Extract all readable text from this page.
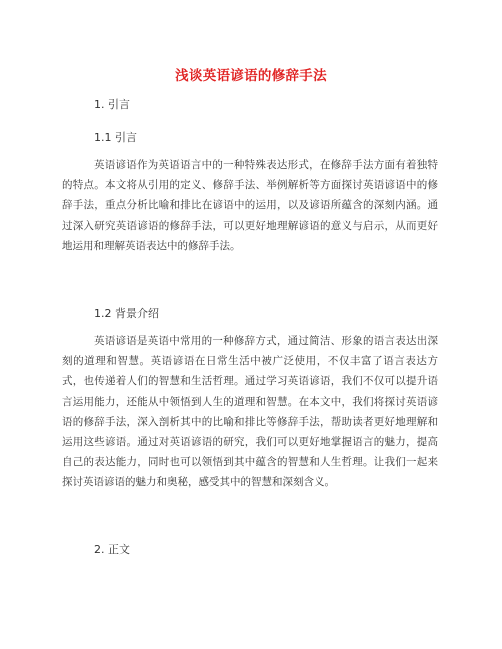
浅谈英语谚语的修辞手法
1. 引言
1.1 引言
英语谚语作为英语语言中的一种特殊表达形式，在修辞手法方面有着独特的特点。本文将从引用的定义、修辞手法、举例解析等方面探讨英语谚语中的修辞手法，重点分析比喻和排比在谚语中的运用，以及谚语所蕴含的深刻内涵。通过深入研究英语谚语的修辞手法，可以更好地理解谚语的意义与启示，从而更好地运用和理解英语表达中的修辞手法。
1.2 背景介绍
英语谚语是英语中常用的一种修辞方式，通过简洁、形象的语言表达出深刻的道理和智慧。英语谚语在日常生活中被广泛使用，不仅丰富了语言表达方式，也传递着人们的智慧和生活哲理。通过学习英语谚语，我们不仅可以提升语言运用能力，还能从中领悟到人生的道理和智慧。在本文中，我们将探讨英语谚语的修辞手法，深入剖析其中的比喻和排比等修辞手法，帮助读者更好地理解和运用这些谚语。通过对英语谚语的研究，我们可以更好地掌握语言的魅力，提高自己的表达能力，同时也可以领悟到其中蕴含的智慧和人生哲理。让我们一起来探讨英语谚语的魅力和奥秘，感受其中的智慧和深刻含义。
2. 正文
